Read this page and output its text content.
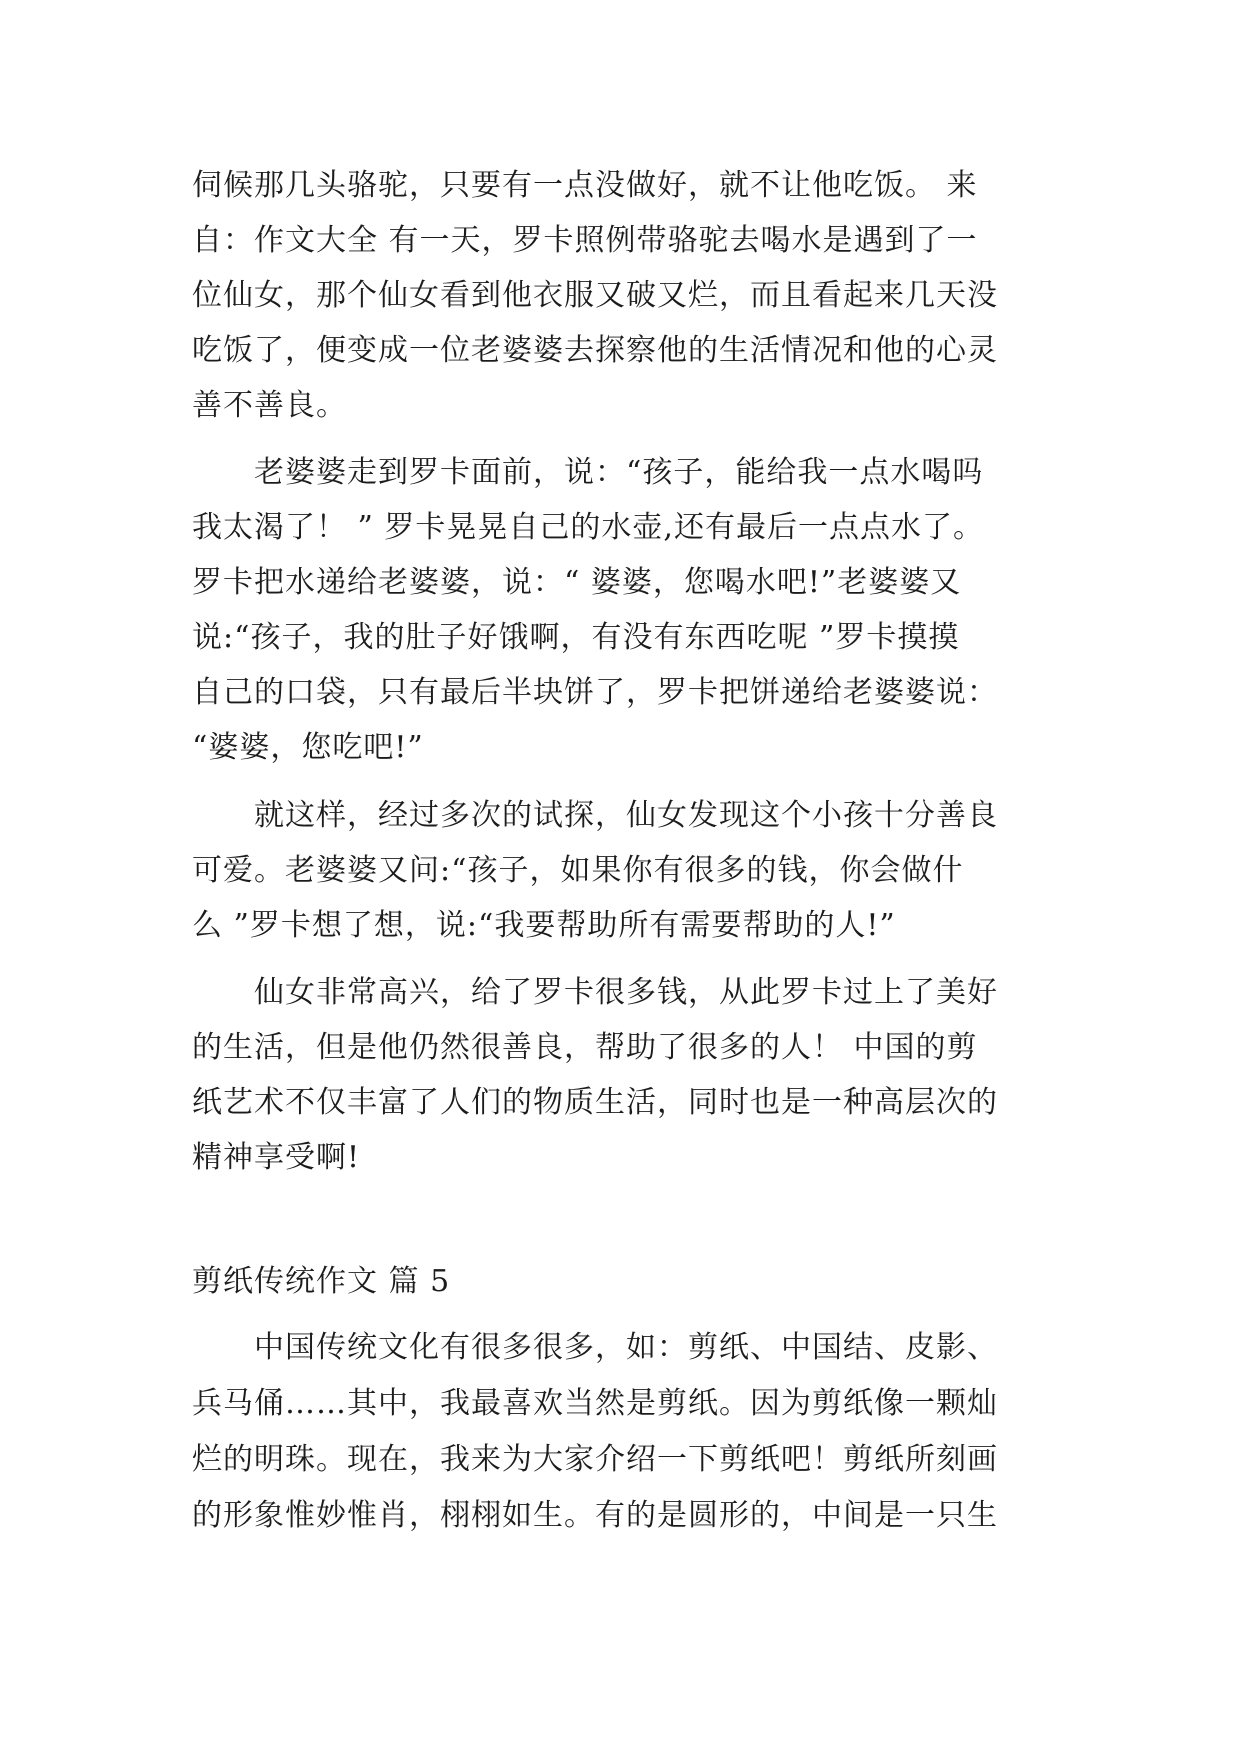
伺候那几头骆驼，只要有一点没做好，就不让他吃饭。 来
自：作文大全 有一天，罗卡照例带骆驼去喝水是遇到了一
位仙女，那个仙女看到他衣服又破又烂，而且看起来几天没
吃饭了，便变成一位老婆婆去探察他的生活情况和他的心灵
善不善良。
老婆婆走到罗卡面前，说：“孩子，能给我一点水喝吗
我太渴了！ ” 罗卡晃晃自己的水壶,还有最后一点点水了。
罗卡把水递给老婆婆，说：“ 婆婆，您喝水吧!”老婆婆又
说:“孩子，我的肚子好饿啊，有没有东西吃呢 ”罗卡摸摸
自己的口袋，只有最后半块饼了，罗卡把饼递给老婆婆说：
“婆婆，您吃吧!”
就这样，经过多次的试探，仙女发现这个小孩十分善良
可爱。老婆婆又问:“孩子，如果你有很多的钱，你会做什
么 ”罗卡想了想，说:“我要帮助所有需要帮助的人!”
仙女非常高兴，给了罗卡很多钱，从此罗卡过上了美好
的生活，但是他仍然很善良，帮助了很多的人！ 中国的剪
纸艺术不仅丰富了人们的物质生活，同时也是一种高层次的
精神享受啊!
剪纸传统作文 篇 5
中国传统文化有很多很多，如：剪纸、中国结、皮影、
兵马俑……其中，我最喜欢当然是剪纸。因为剪纸像一颗灿
烂的明珠。现在，我来为大家介绍一下剪纸吧！剪纸所刻画
的形象惟妙惟肖，栩栩如生。有的是圆形的，中间是一只生
